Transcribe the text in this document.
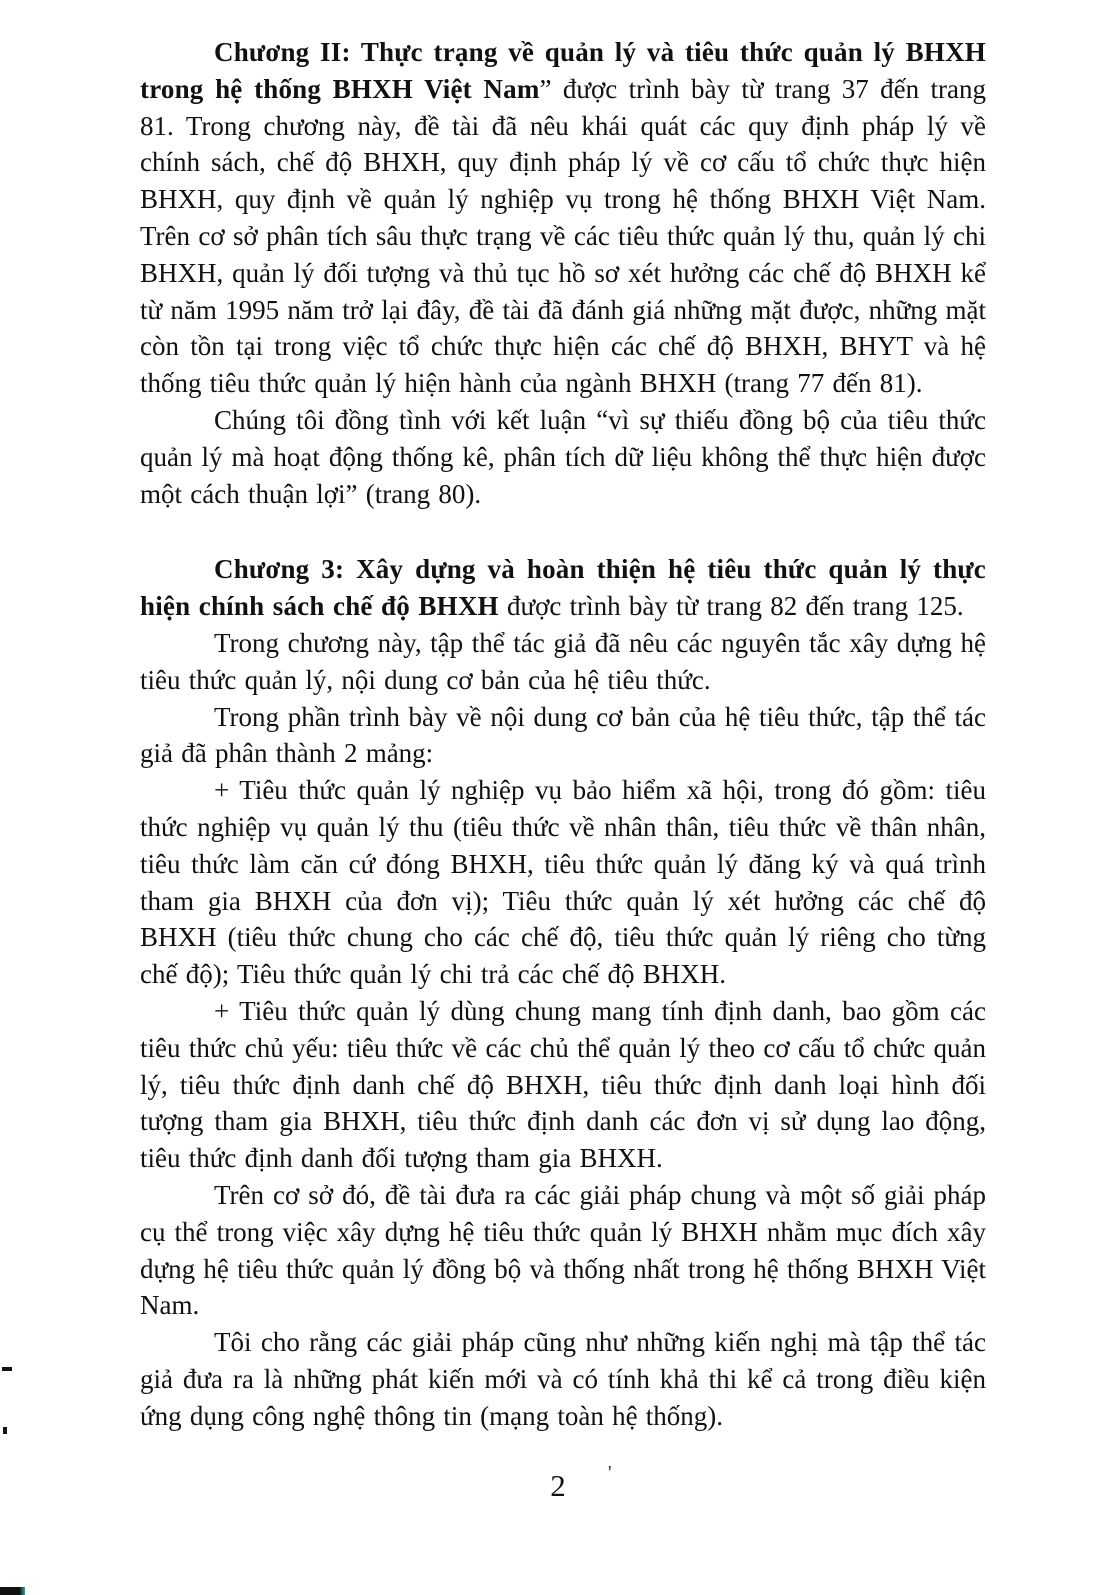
Chương II: Thực trạng về quản lý và tiêu thức quản lý BHXH trong hệ thống BHXH Việt Nam” được trình bày từ trang 37 đến trang 81. Trong chương này, đề tài đã nêu khái quát các quy định pháp lý về chính sách, chế độ BHXH, quy định pháp lý về cơ cấu tổ chức thực hiện BHXH, quy định về quản lý nghiệp vụ trong hệ thống BHXH Việt Nam. Trên cơ sở phân tích sâu thực trạng về các tiêu thức quản lý thu, quản lý chi BHXH, quản lý đối tượng và thủ tục hồ sơ xét hưởng các chế độ BHXH kể từ năm 1995 năm trở lại đây, đề tài đã đánh giá những mặt được, những mặt còn tồn tại trong việc tổ chức thực hiện các chế độ BHXH, BHYT và hệ thống tiêu thức quản lý hiện hành của ngành BHXH (trang 77 đến 81).

Chúng tôi đồng tình với kết luận “vì sự thiếu đồng bộ của tiêu thức quản lý mà hoạt động thống kê, phân tích dữ liệu không thể thực hiện được một cách thuận lợi” (trang 80).

Chương 3: Xây dựng và hoàn thiện hệ tiêu thức quản lý thực hiện chính sách chế độ BHXH được trình bày từ trang 82 đến trang 125.

Trong chương này, tập thể tác giả đã nêu các nguyên tắc xây dựng hệ tiêu thức quản lý, nội dung cơ bản của hệ tiêu thức.

Trong phần trình bày về nội dung cơ bản của hệ tiêu thức, tập thể tác giả đã phân thành 2 mảng:

+ Tiêu thức quản lý nghiệp vụ bảo hiểm xã hội, trong đó gồm: tiêu thức nghiệp vụ quản lý thu (tiêu thức về nhân thân, tiêu thức về thân nhân, tiêu thức làm căn cứ đóng BHXH, tiêu thức quản lý đăng ký và quá trình tham gia BHXH của đơn vị); Tiêu thức quản lý xét hưởng các chế độ BHXH (tiêu thức chung cho các chế độ, tiêu thức quản lý riêng cho từng chế độ); Tiêu thức quản lý chi trả các chế độ BHXH.

+ Tiêu thức quản lý dùng chung mang tính định danh, bao gồm các tiêu thức chủ yếu: tiêu thức về các chủ thể quản lý theo cơ cấu tổ chức quản lý, tiêu thức định danh chế độ BHXH, tiêu thức định danh loại hình đối tượng tham gia BHXH, tiêu thức định danh các đơn vị sử dụng lao động, tiêu thức định danh đối tượng tham gia BHXH.

Trên cơ sở đó, đề tài đưa ra các giải pháp chung và một số giải pháp cụ thể trong việc xây dựng hệ tiêu thức quản lý BHXH nhằm mục đích xây dựng hệ tiêu thức quản lý đồng bộ và thống nhất trong hệ thống BHXH Việt Nam.

Tôi cho rằng các giải pháp cũng như những kiến nghị mà tập thể tác giả đưa ra là những phát kiến mới và có tính khả thi kể cả trong điều kiện ứng dụng công nghệ thông tin (mạng toàn hệ thống).

2	'
